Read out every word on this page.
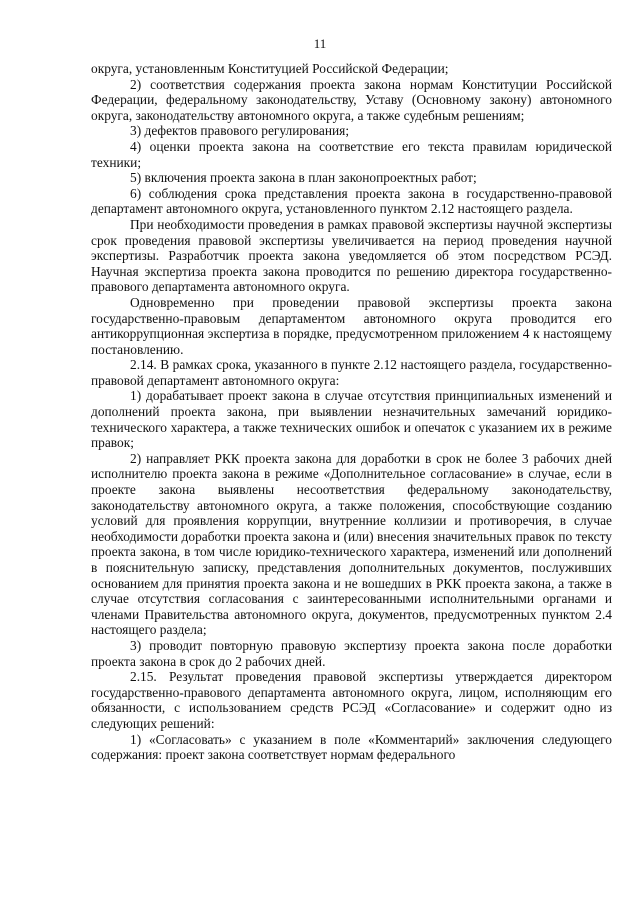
11

округа, установленным Конституцией Российской Федерации;

2) соответствия содержания проекта закона нормам Конституции Российской Федерации, федеральному законодательству, Уставу (Основному закону) автономного округа, законодательству автономного округа, а также судебным решениям;

3) дефектов правового регулирования;

4) оценки проекта закона на соответствие его текста правилам юридической техники;

5) включения проекта закона в план законопроектных работ;

6) соблюдения срока представления проекта закона в государственно-правовой департамент автономного округа, установленного пунктом 2.12 настоящего раздела.

При необходимости проведения в рамках правовой экспертизы научной экспертизы срок проведения правовой экспертизы увеличивается на период проведения научной экспертизы. Разработчик проекта закона уведомляется об этом посредством РСЭД. Научная экспертиза проекта закона проводится по решению директора государственно-правового департамента автономного округа.

Одновременно при проведении правовой экспертизы проекта закона государственно-правовым департаментом автономного округа проводится его антикоррупционная экспертиза в порядке, предусмотренном приложением 4 к настоящему постановлению.

2.14. В рамках срока, указанного в пункте 2.12 настоящего раздела, государственно-правовой департамент автономного округа:

1) дорабатывает проект закона в случае отсутствия принципиальных изменений и дополнений проекта закона, при выявлении незначительных замечаний юридико-технического характера, а также технических ошибок и опечаток с указанием их в режиме правок;

2) направляет РКК проекта закона для доработки в срок не более 3 рабочих дней исполнителю проекта закона в режиме «Дополнительное согласование» в случае, если в проекте закона выявлены несоответствия федеральному законодательству, законодательству автономного округа, а также положения, способствующие созданию условий для проявления коррупции, внутренние коллизии и противоречия, в случае необходимости доработки проекта закона и (или) внесения значительных правок по тексту проекта закона, в том числе юридико-технического характера, изменений или дополнений в пояснительную записку, представления дополнительных документов, послуживших основанием для принятия проекта закона и не вошедших в РКК проекта закона, а также в случае отсутствия согласования с заинтересованными исполнительными органами и членами Правительства автономного округа, документов, предусмотренных пунктом 2.4 настоящего раздела;

3) проводит повторную правовую экспертизу проекта закона после доработки проекта закона в срок до 2 рабочих дней.

2.15. Результат проведения правовой экспертизы утверждается директором государственно-правового департамента автономного округа, лицом, исполняющим его обязанности, с использованием средств РСЭД «Согласование» и содержит одно из следующих решений:

1) «Согласовать» с указанием в поле «Комментарий» заключения следующего содержания: проект закона соответствует нормам федерального
